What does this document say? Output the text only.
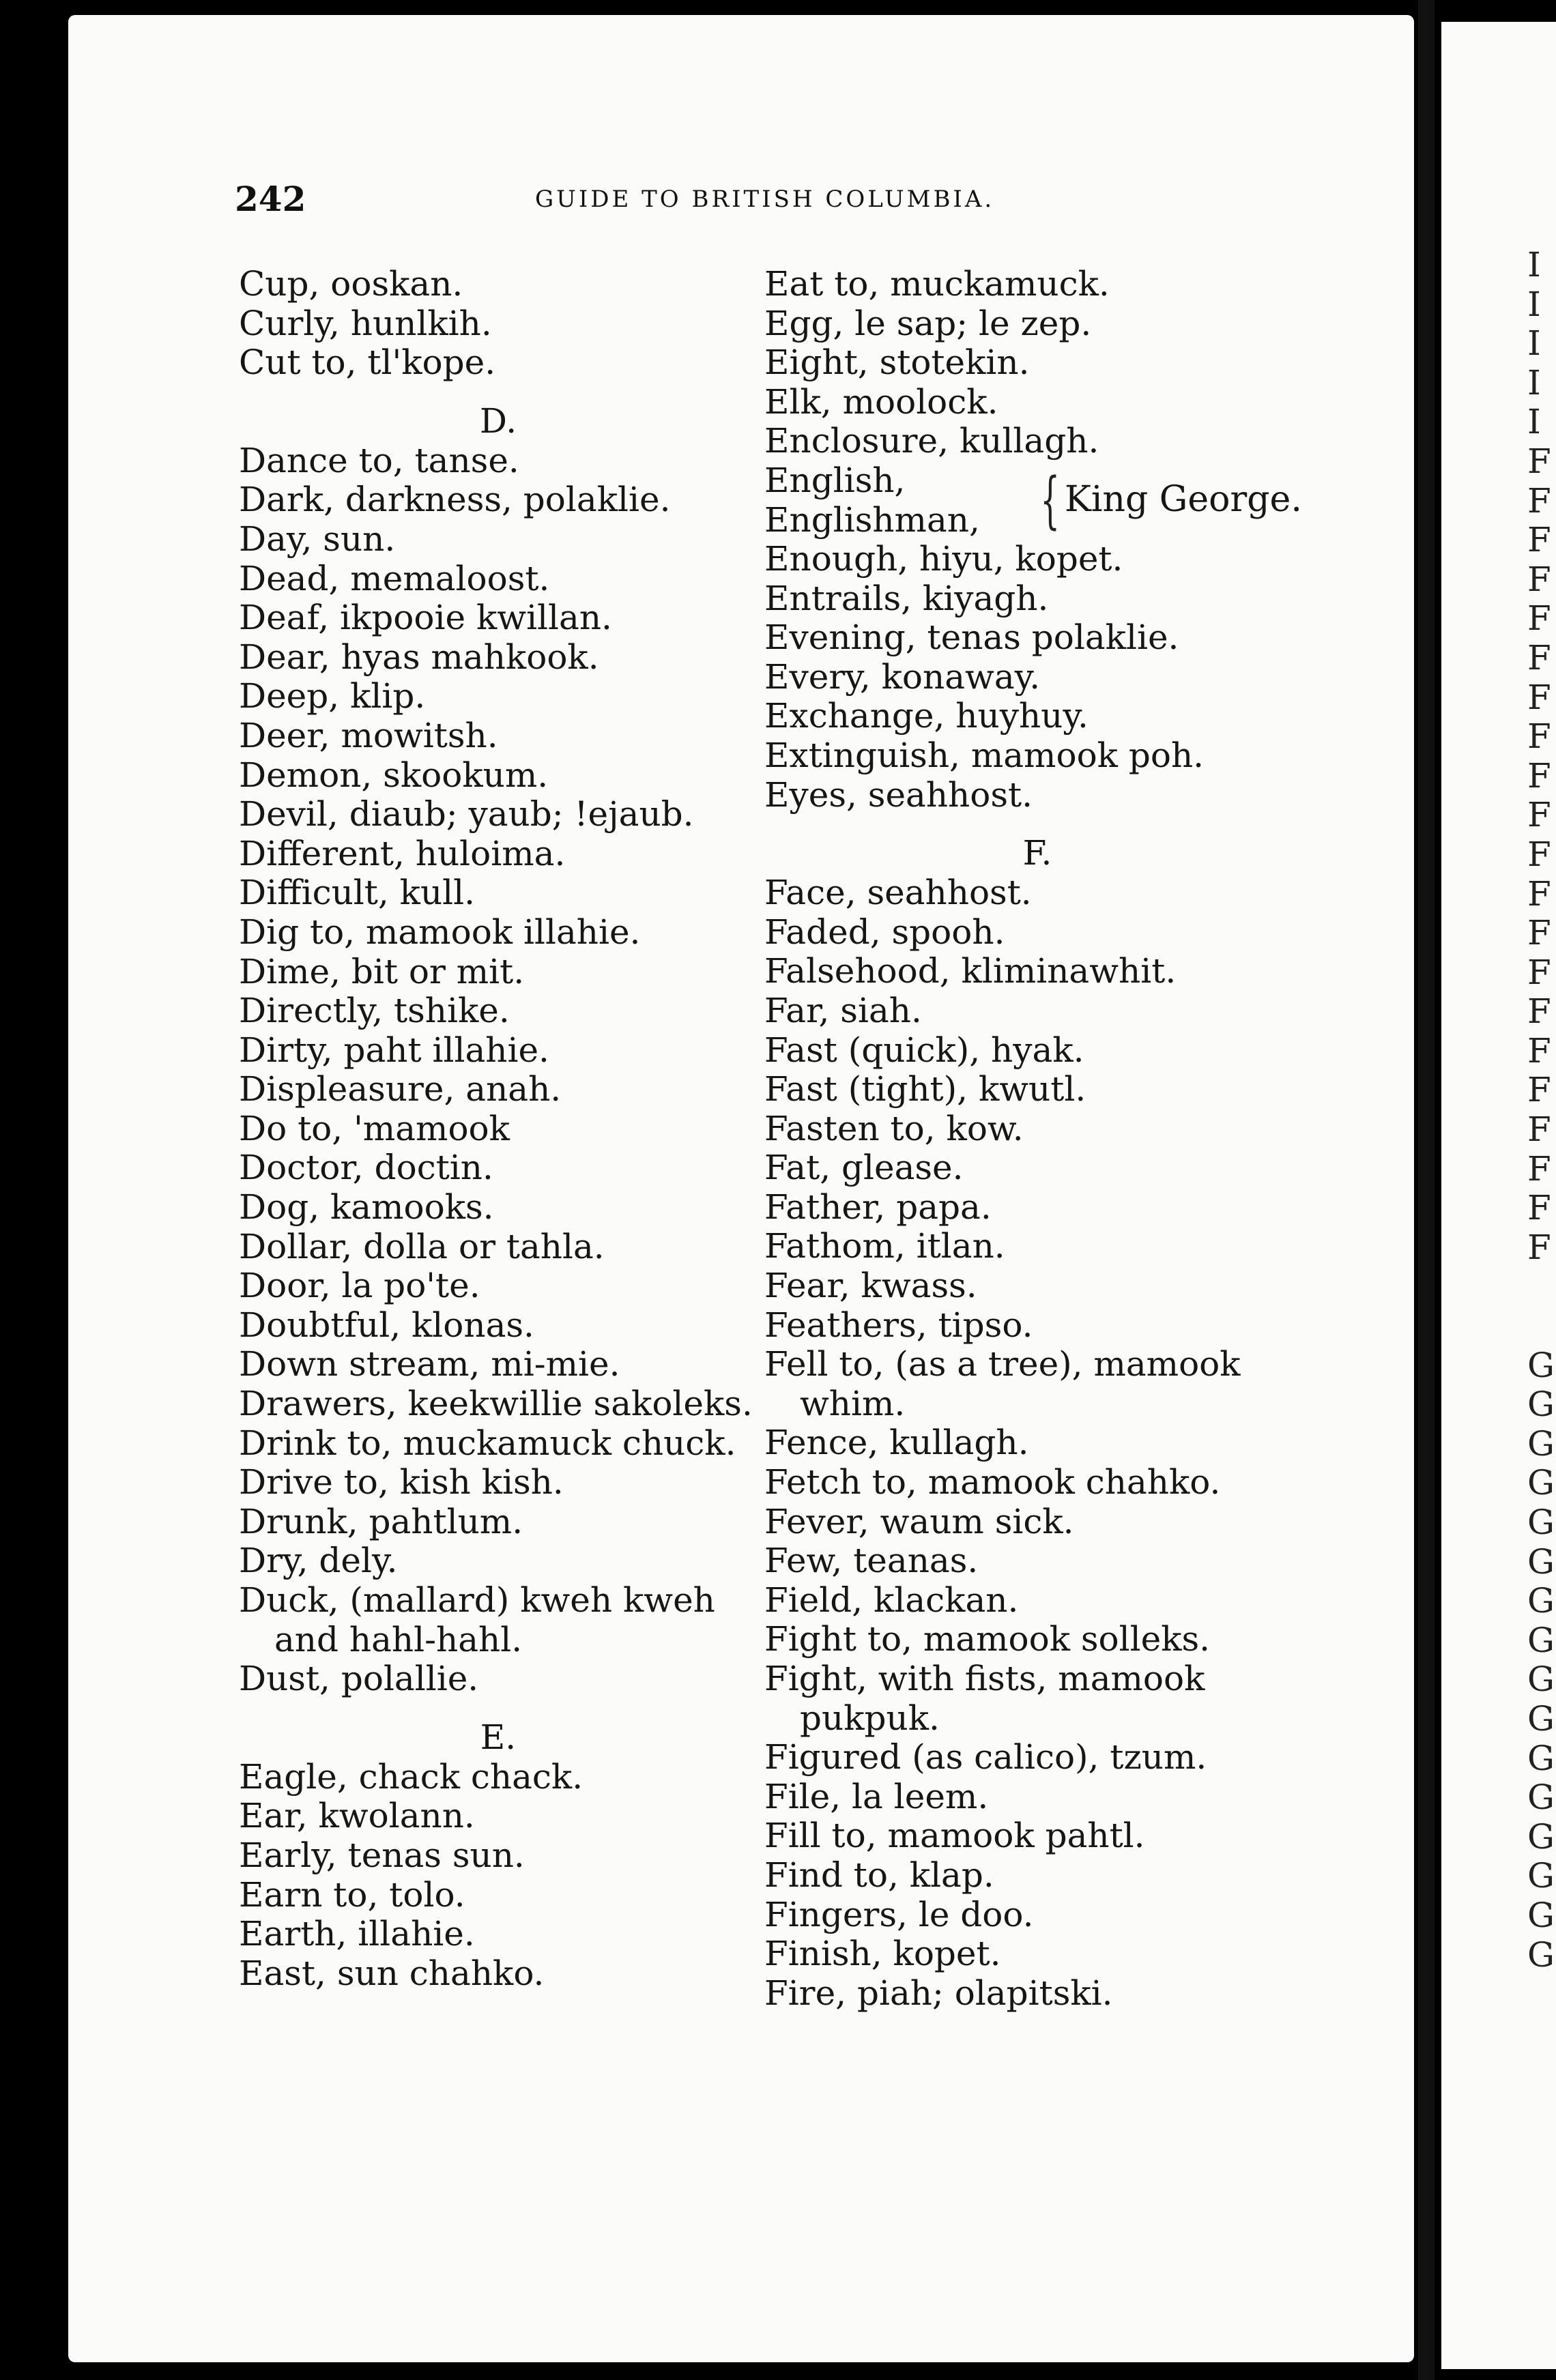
242	GUIDE TO BRITISH COLUMBIA.
Cup, ooskan.
Curly, hunlkih.
Cut to, tl'kope.
D.
Dance to, tanse.
Dark, darkness, polaklie.
Day, sun.
Dead, memaloost.
Deaf, ikpooie kwillan.
Dear, hyas mahkook.
Deep, klip.
Deer, mowitsh.
Demon, skookum.
Devil, diaub; yaub; !ejaub.
Different, huloima.
Difficult, kull.
Dig to, mamook illahie.
Dime, bit or mit.
Directly, tshike.
Dirty, paht illahie.
Displeasure, anah.
Do to, 'mamook
Doctor, doctin.
Dog, kamooks.
Dollar, dolla or tahla.
Door, la po'te.
Doubtful, klonas.
Down stream, mi-mie.
Drawers, keekwillie sakoleks.
Drink to, muckamuck chuck.
Drive to, kish kish.
Drunk, pahtlum.
Dry, dely.
Duck, (mallard) kweh kweh
and hahl-hahl.
Dust, polallie.
E.
Eagle, chack chack.
Ear, kwolann.
Early, tenas sun.
Earn to, tolo.
Earth, illahie.
East, sun chahko.
Eat to, muckamuck.
Egg, le sap; le zep.
Eight, stotekin.
Elk, moolock.
Enclosure, kullagh.
English,
Englishman, King George.
{
Enough, hiyu, kopet.
Entrails, kiyagh.
Evening, tenas polaklie.
Every, konaway.
Exchange, huyhuy.
Extinguish, mamook poh.
Eyes, seahhost.
F.
Face, seahhost.
Faded, spooh.
Falsehood, kliminawhit.
Far, siah.
Fast (quick), hyak.
Fast (tight), kwutl.
Fasten to, kow.
Fat, glease.
Father, papa.
Fathom, itlan.
Fear, kwass.
Feathers, tipso.
Fell to, (as a tree), mamook
whim.
Fence, kullagh.
Fetch to, mamook chahko.
Fever, waum sick.
Few, teanas.
Field, klackan.
Fight to, mamook solleks.
Fight, with fists, mamook
pukpuk.
Figured (as calico), tzum.
File, la leem.
Fill to, mamook pahtl.
Find to, klap.
Fingers, le doo.
Finish, kopet.
Fire, piah; olapitski.
I
I
I
I
I
F
F
F
F
F
F
F
F
F
F
F
F
F
F
F
F
F
F
F
F
F
G
G
G
G
G
G
G
G
G
G
G
G
G
G
G
G
